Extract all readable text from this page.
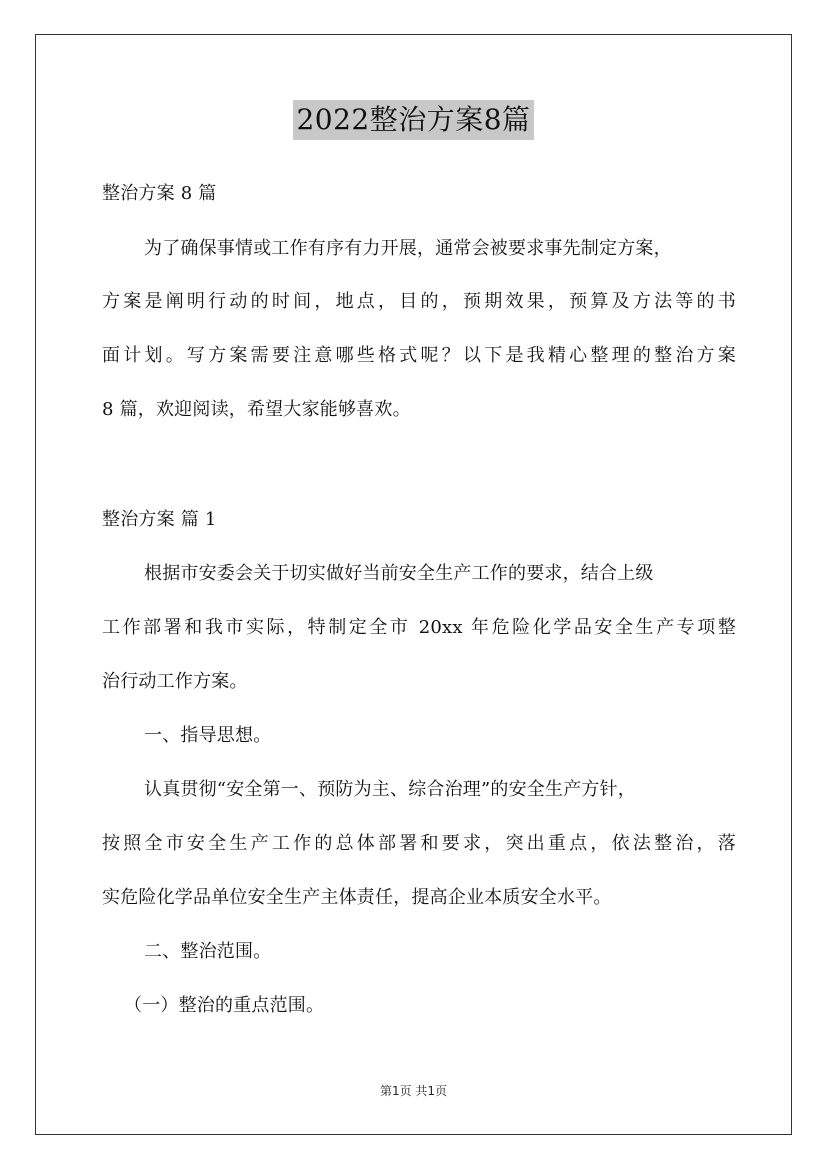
2022整治方案8篇
整治方案 8 篇
为了确保事情或工作有序有力开展，通常会被要求事先制定方案，
方案是阐明行动的时间，地点，目的，预期效果，预算及方法等的书
面计划。写方案需要注意哪些格式呢？以下是我精心整理的整治方案
8 篇，欢迎阅读，希望大家能够喜欢。
整治方案 篇 1
根据市安委会关于切实做好当前安全生产工作的要求，结合上级
工作部署和我市实际，特制定全市 20xx 年危险化学品安全生产专项整
治行动工作方案。
一、指导思想。
认真贯彻“安全第一、预防为主、综合治理”的安全生产方针，
按照全市安全生产工作的总体部署和要求，突出重点，依法整治，落
实危险化学品单位安全生产主体责任，提高企业本质安全水平。
二、整治范围。
（一）整治的重点范围。
第1页 共1页
